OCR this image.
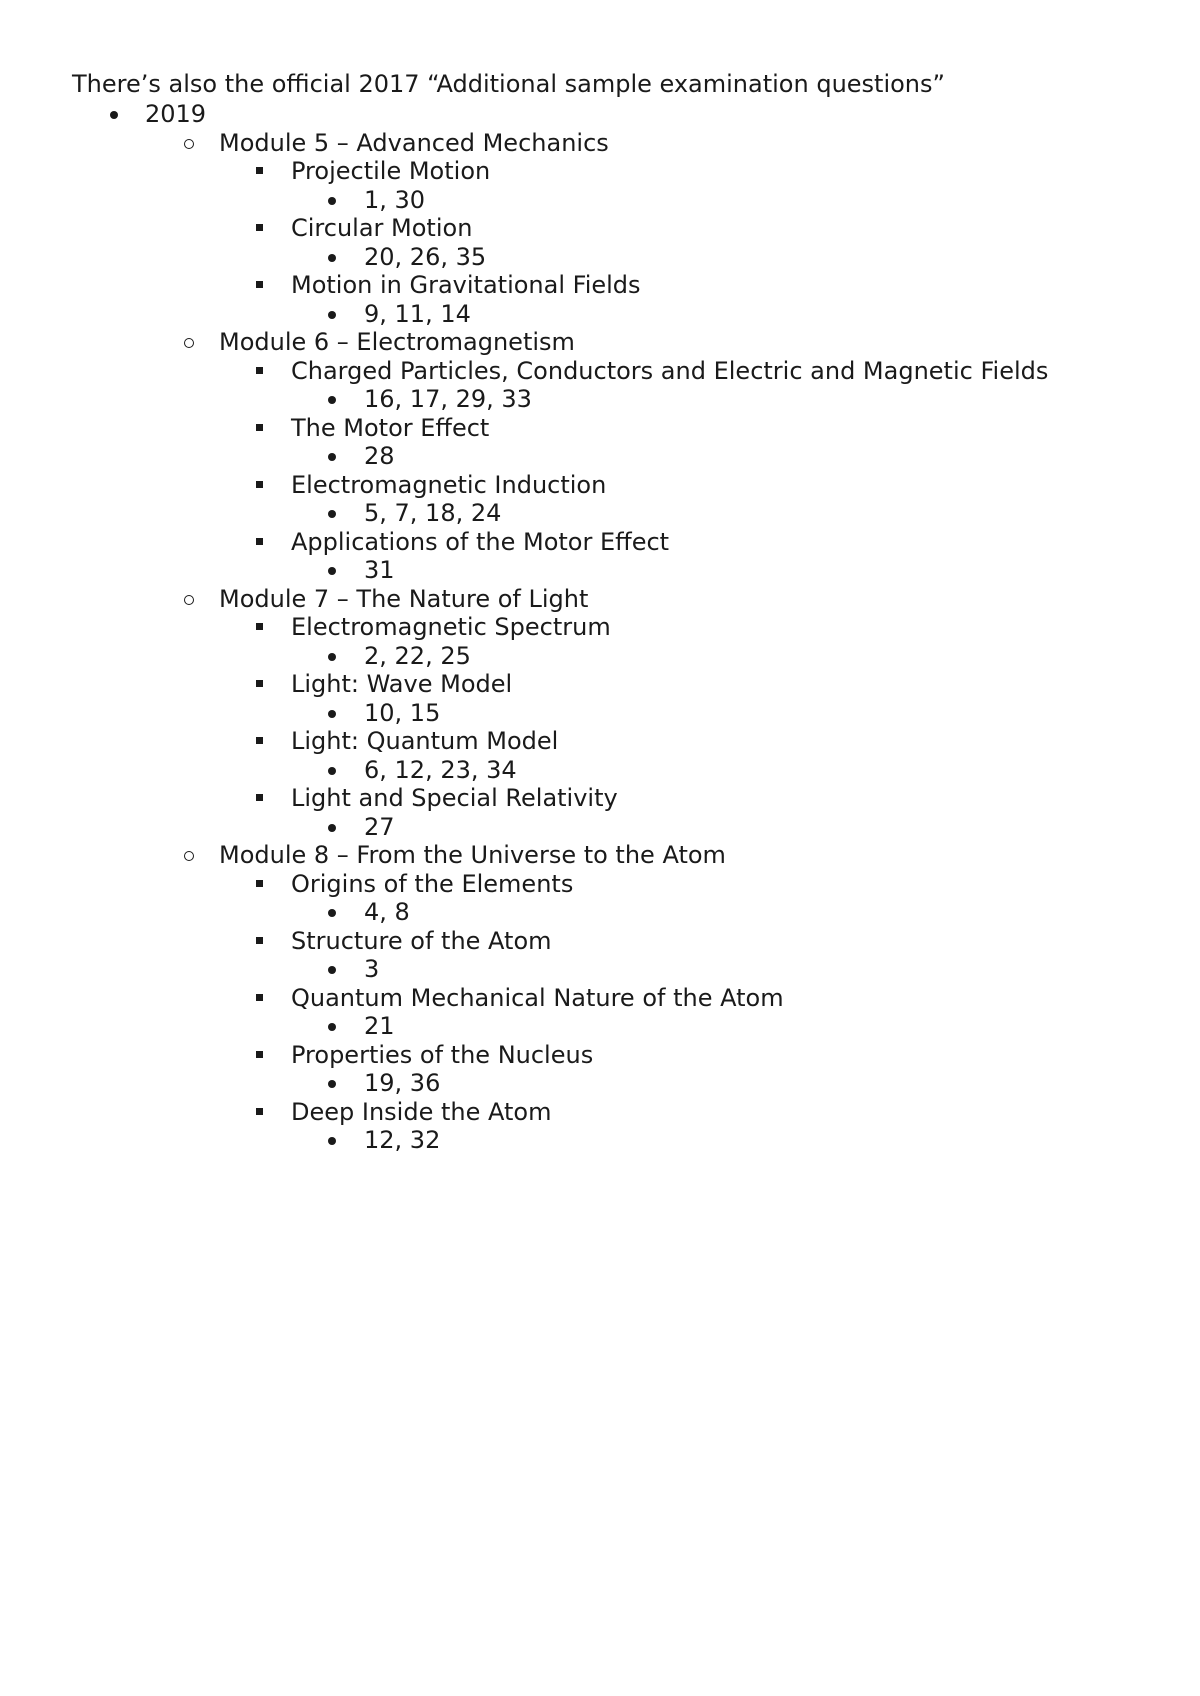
There’s also the official 2017 “Additional sample examination questions”
2019
Module 5 – Advanced Mechanics
Projectile Motion
1, 30
Circular Motion
20, 26, 35
Motion in Gravitational Fields
9, 11, 14
Module 6 – Electromagnetism
Charged Particles, Conductors and Electric and Magnetic Fields
16, 17, 29, 33
The Motor Effect
28
Electromagnetic Induction
5, 7, 18, 24
Applications of the Motor Effect
31
Module 7 – The Nature of Light
Electromagnetic Spectrum
2, 22, 25
Light: Wave Model
10, 15
Light: Quantum Model
6, 12, 23, 34
Light and Special Relativity
27
Module 8 – From the Universe to the Atom
Origins of the Elements
4, 8
Structure of the Atom
3
Quantum Mechanical Nature of the Atom
21
Properties of the Nucleus
19, 36
Deep Inside the Atom
12, 32
